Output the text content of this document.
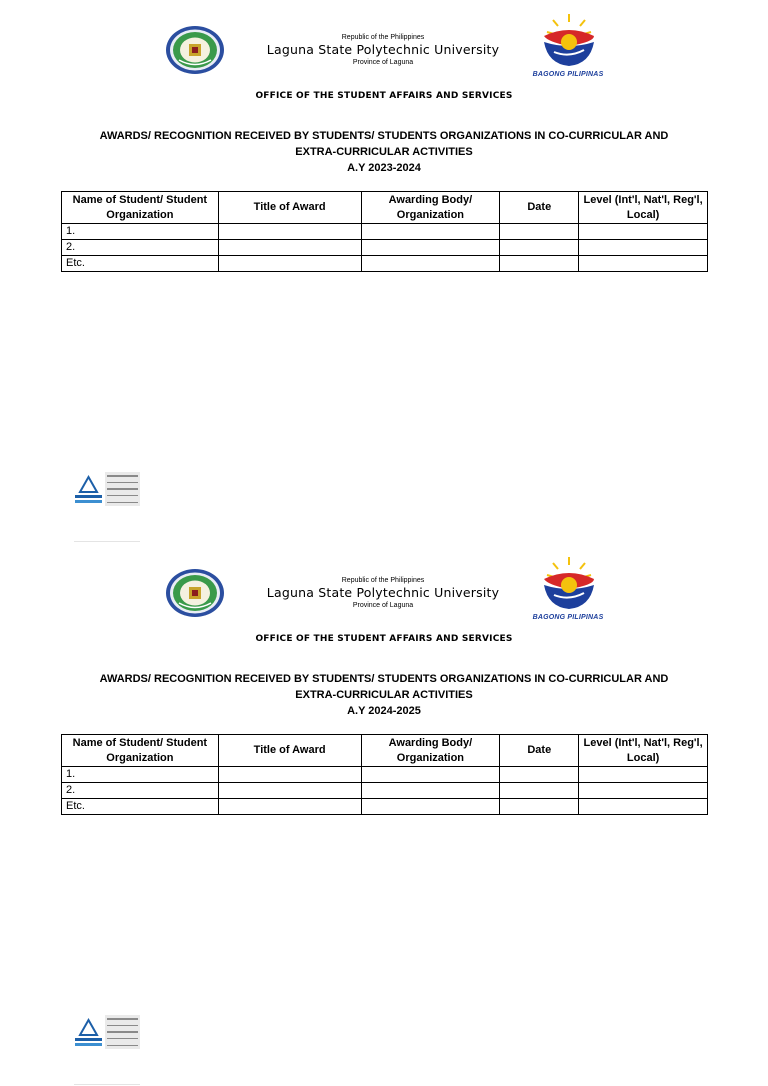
Republic of the Philippines
Laguna State Polytechnic University
Province of Laguna
BAGONG PILIPINAS
OFFICE OF THE STUDENT AFFAIRS AND SERVICES
AWARDS/ RECOGNITION RECEIVED BY STUDENTS/ STUDENTS ORGANIZATIONS IN CO-CURRICULAR AND EXTRA-CURRICULAR ACTIVITIES
A.Y 2023-2024
Name of Student/ Student Organization	Title of Award	Awarding Body/ Organization	Date	Level (Int'l, Nat'l, Reg'l, Local)
1.				
2.				
Etc.				
Republic of the Philippines
Laguna State Polytechnic University
Province of Laguna
BAGONG PILIPINAS
OFFICE OF THE STUDENT AFFAIRS AND SERVICES
AWARDS/ RECOGNITION RECEIVED BY STUDENTS/ STUDENTS ORGANIZATIONS IN CO-CURRICULAR AND EXTRA-CURRICULAR ACTIVITIES
A.Y 2024-2025
Name of Student/ Student Organization	Title of Award	Awarding Body/ Organization	Date	Level (Int'l, Nat'l, Reg'l, Local)
1.				
2.				
Etc.				
